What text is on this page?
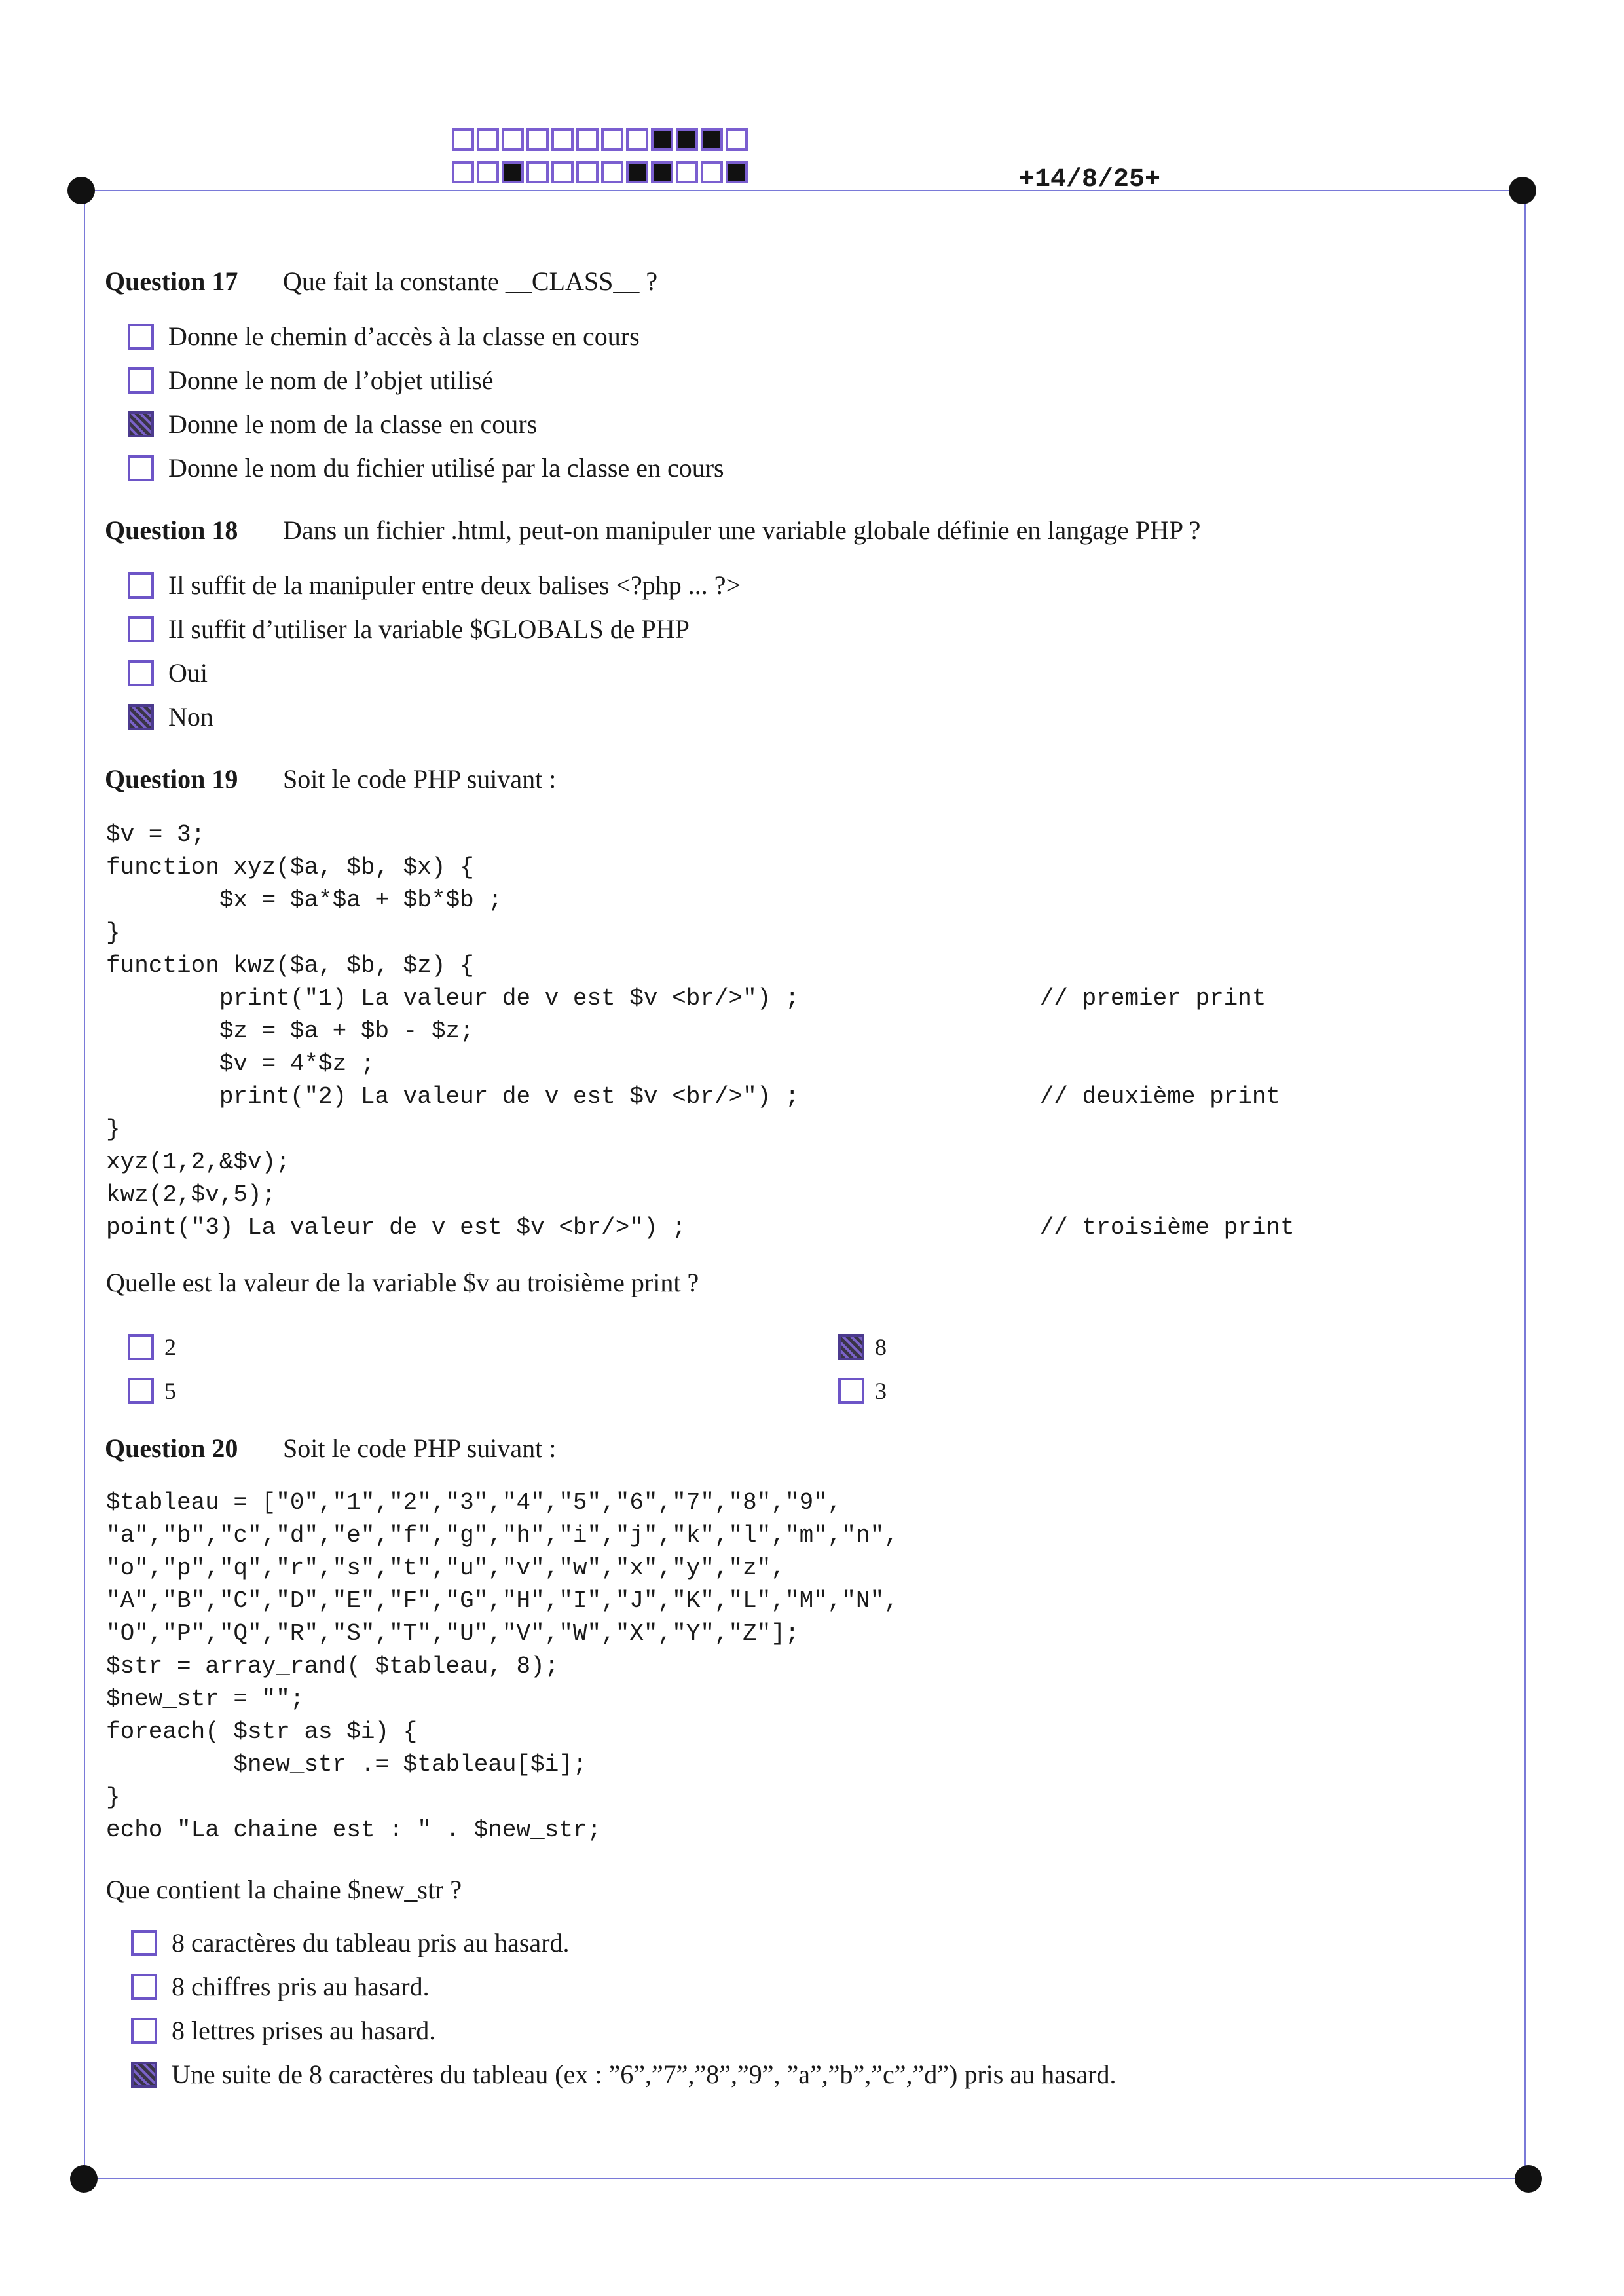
+14/8/25+
Question 17 Que fait la constante __CLASS__ ?
Donne le chemin d’accès à la classe en cours
Donne le nom de l’objet utilisé
Donne le nom de la classe en cours
Donne le nom du fichier utilisé par la classe en cours
Question 18 Dans un fichier .html, peut-on manipuler une variable globale définie en langage PHP ?
Il suffit de la manipuler entre deux balises <?php ... ?>
Il suffit d’utiliser la variable $GLOBALS de PHP
Oui
Non
Question 19 Soit le code PHP suivant :
$v = 3;
function xyz($a, $b, $x) {
$x = $a*$a + $b*$b ;
}
function kwz($a, $b, $z) {
print("1) La valeur de v est $v <br/>") ;                 // premier print
$z = $a + $b - $z;
$v = 4*$z ;
print("2) La valeur de v est $v <br/>") ;                 // deuxième print
}
xyz(1,2,&$v);
kwz(2,$v,5);
point("3) La valeur de v est $v <br/>") ;                         // troisième print
Quelle est la valeur de la variable $v au troisième print ?
2
5
8
3
Question 20 Soit le code PHP suivant :
$tableau = ["0","1","2","3","4","5","6","7","8","9",
"a","b","c","d","e","f","g","h","i","j","k","l","m","n",
"o","p","q","r","s","t","u","v","w","x","y","z",
"A","B","C","D","E","F","G","H","I","J","K","L","M","N",
"O","P","Q","R","S","T","U","V","W","X","Y","Z"];
$str = array_rand( $tableau, 8);
$new_str = "";
foreach( $str as $i) {
$new_str .= $tableau[$i];
}
echo "La chaine est : " . $new_str;
Que contient la chaine $new_str ?
8 caractères du tableau pris au hasard.
8 chiffres pris au hasard.
8 lettres prises au hasard.
Une suite de 8 caractères du tableau (ex : ”6”,”7”,”8”,”9”, ”a”,”b”,”c”,”d”) pris au hasard.
